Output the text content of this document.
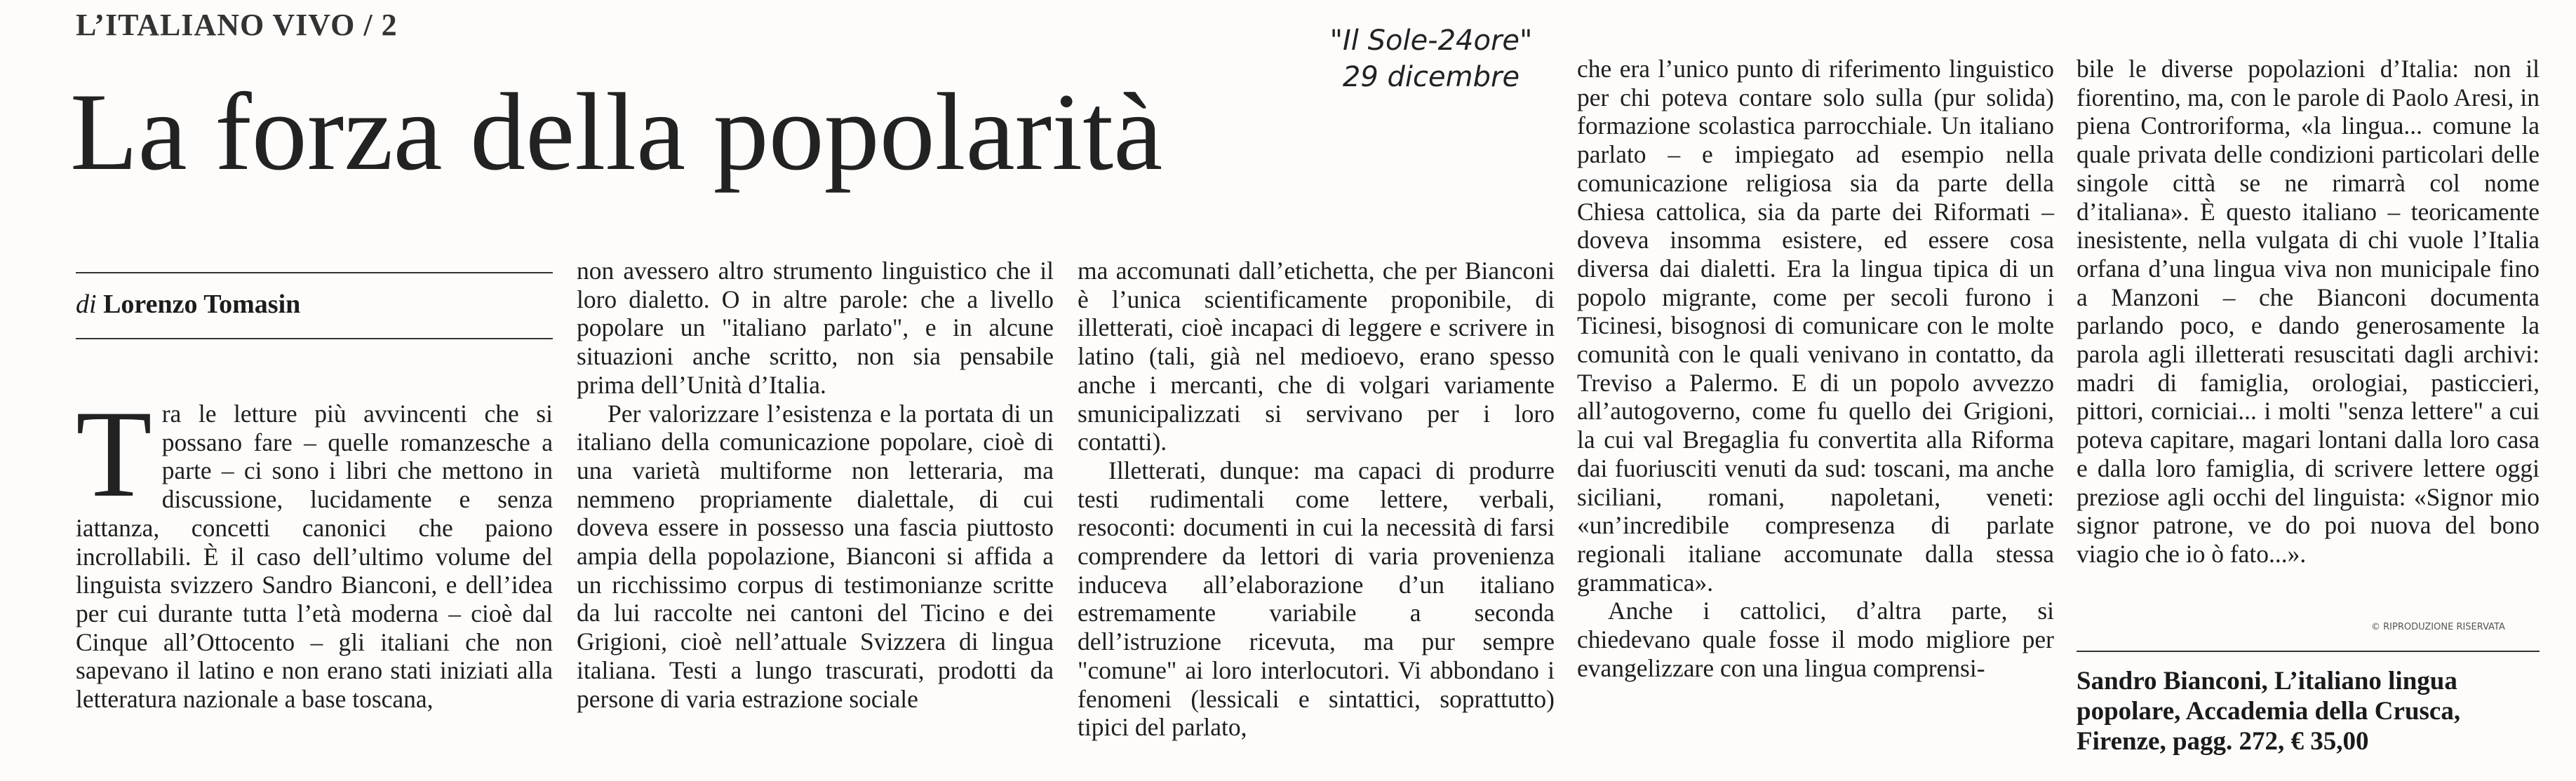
L’ITALIANO VIVO / 2
La forza della popolarità
"Il Sole-24ore"
29 dicembre
di Lorenzo Tomasin
T ra le letture più avvincenti che si possano fare – quelle romanzesche a parte – ci sono i libri che mettono in discussione, lucidamente e senza iattanza, concetti canonici che paiono incrollabili. È il caso dell’ultimo volume del linguista svizzero Sandro Bianconi, e dell’idea per cui durante tutta l’età moderna – cioè dal Cinque all’Ottocento – gli italiani che non sapevano il latino e non erano stati iniziati alla letteratura nazionale a base toscana,

non avessero altro strumento linguistico che il loro dialetto. O in altre parole: che a livello popolare un "italiano parlato", e in alcune situazioni anche scritto, non sia pensabile prima dell’Unità d’Italia.

Per valorizzare l’esistenza e la portata di un italiano della comunicazione popolare, cioè di una varietà multiforme non letteraria, ma nemmeno propriamente dialettale, di cui doveva essere in possesso una fascia piuttosto ampia della popolazione, Bianconi si affida a un ricchissimo corpus di testimonianze scritte da lui raccolte nei cantoni del Ticino e dei Grigioni, cioè nell’attuale Svizzera di lingua italiana. Testi a lungo trascurati, prodotti da persone di varia estrazione sociale

ma accomunati dall’etichetta, che per Bianconi è l’unica scientificamente proponibile, di illetterati, cioè incapaci di leggere e scrivere in latino (tali, già nel medioevo, erano spesso anche i mercanti, che di volgari variamente smunicipalizzati si servivano per i loro contatti).

Illetterati, dunque: ma capaci di produrre testi rudimentali come lettere, verbali, resoconti: documenti in cui la necessità di farsi comprendere da lettori di varia provenienza induceva all’elaborazione d’un italiano estremamente variabile a seconda dell’istruzione ricevuta, ma pur sempre "comune" ai loro interlocutori. Vi abbondano i fenomeni (lessicali e sintattici, soprattutto) tipici del parlato,

che era l’unico punto di riferimento linguistico per chi poteva contare solo sulla (pur solida) formazione scolastica parrocchiale. Un italiano parlato – e impiegato ad esempio nella comunicazione religiosa sia da parte della Chiesa cattolica, sia da parte dei Riformati – doveva insomma esistere, ed essere cosa diversa dai dialetti. Era la lingua tipica di un popolo migrante, come per secoli furono i Ticinesi, bisognosi di comunicare con le molte comunità con le quali venivano in contatto, da Treviso a Palermo. E di un popolo avvezzo all’autogoverno, come fu quello dei Grigioni, la cui val Bregaglia fu convertita alla Riforma dai fuoriusciti venuti da sud: toscani, ma anche siciliani, romani, napoletani, veneti: «un’incredibile compresenza di parlate regionali italiane accomunate dalla stessa grammatica».

Anche i cattolici, d’altra parte, si chiedevano quale fosse il modo migliore per evangelizzare con una lingua comprensi-

bile le diverse popolazioni d’Italia: non il fiorentino, ma, con le parole di Paolo Aresi, in piena Controriforma, «la lingua... comune la quale privata delle condizioni particolari delle singole città se ne rimarrà col nome d’italiana». È questo italiano – teoricamente inesistente, nella vulgata di chi vuole l’Italia orfana d’una lingua viva non municipale fino a Manzoni – che Bianconi documenta parlando poco, e dando generosamente la parola agli illetterati resuscitati dagli archivi: madri di famiglia, orologiai, pasticcieri, pittori, corniciai... i molti "senza lettere" a cui poteva capitare, magari lontani dalla loro casa e dalla loro famiglia, di scrivere lettere oggi preziose agli occhi del linguista: «Signor mio signor patrone, ve do poi nuova del bono viagio che io ò fato...».

© RIPRODUZIONE RISERVATA
Sandro Bianconi, L’italiano lingua popolare, Accademia della Crusca, Firenze, pagg. 272, € 35,00
